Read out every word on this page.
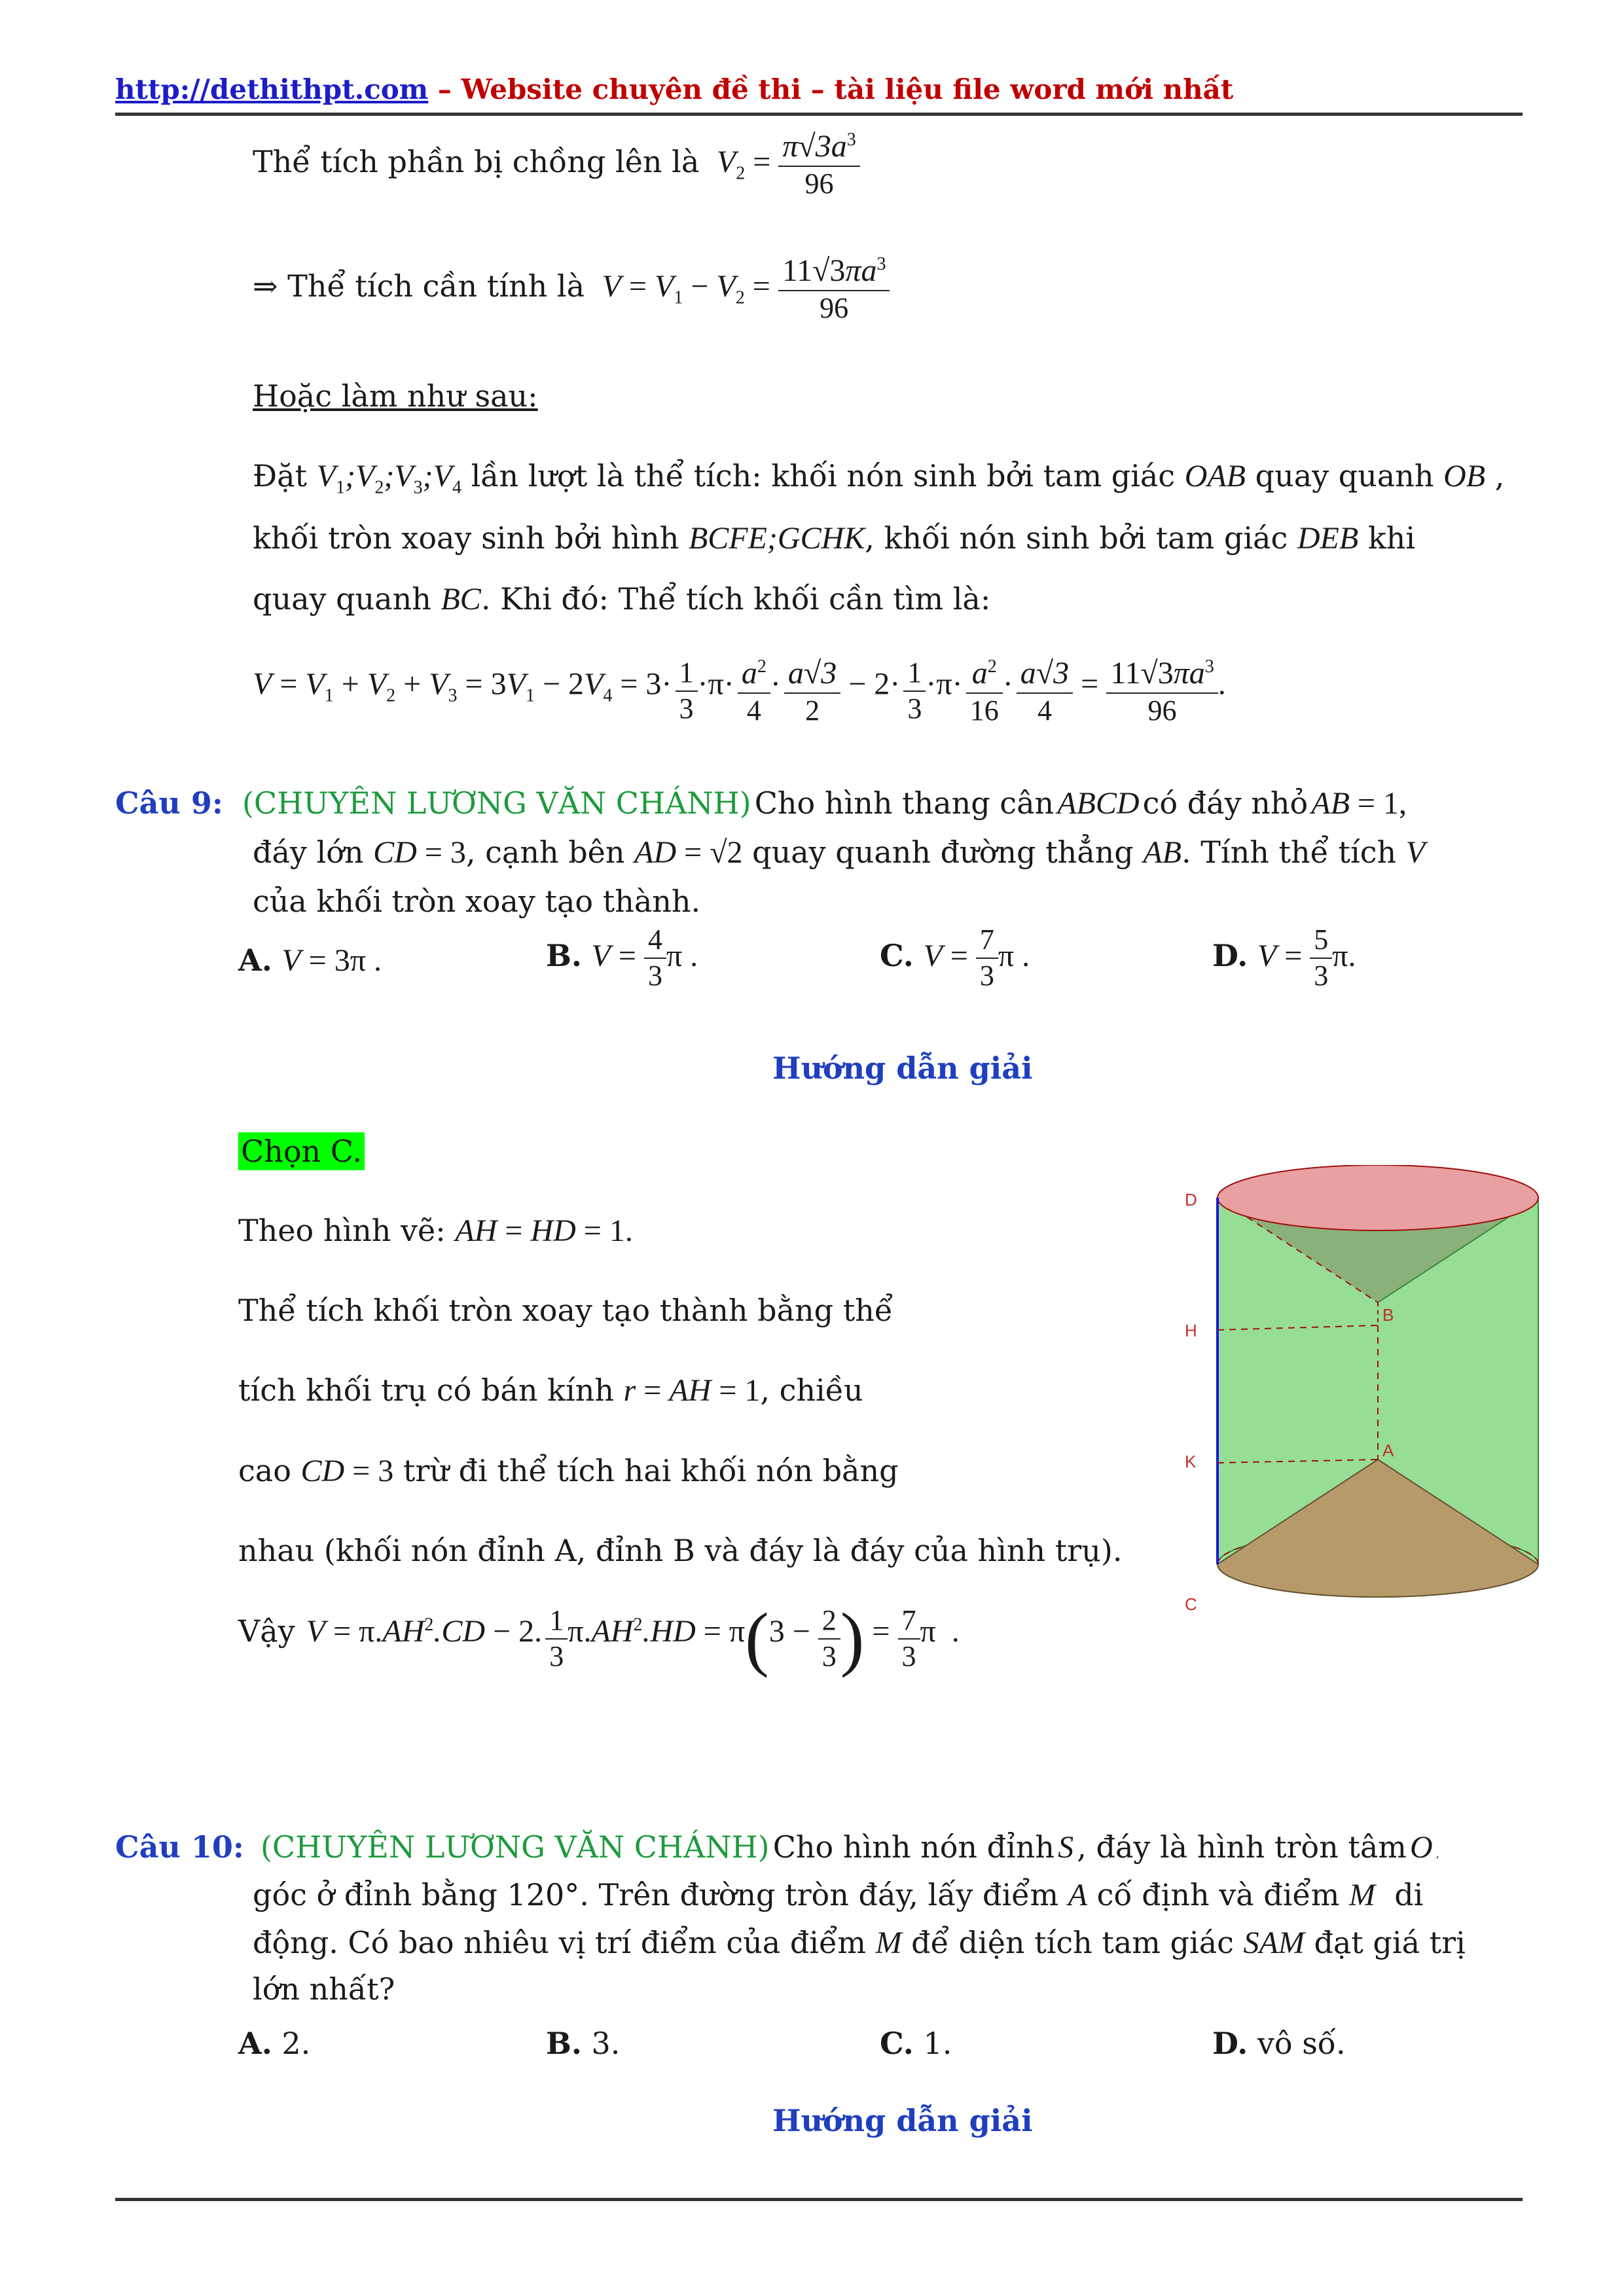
http://dethithpt.com – Website chuyên đề thi – tài liệu file word mới nhất
Thể tích phần bị chồng lên là  $V_2 = \frac{\pi√3a^3}{96}$
⇒ Thể tích cần tính là  $V = V_1 - V_2 = \frac{11√3\pi a^3}{96}$
Hoặc làm như sau:
Đặt $V_1;V_2;V_3;V_4$ lần lượt là thể tích: khối nón sinh bởi tam giác OAB quay quanh OB ,
khối tròn xoay sinh bởi hình BCFE;GCHK, khối nón sinh bởi tam giác DEB khi
quay quanh BC. Khi đó: Thể tích khối cần tìm là:
$V = V_1 + V_2 + V_3 = 3V_1 - 2V_4 = 3\cdot \frac{1}{3} \cdot\pi\cdot \frac{a^2}{4} \cdot \frac{a√3}{2} - 2\cdot \frac{1}{3} \cdot\pi\cdot \frac{a^2}{16} \cdot \frac{a√3}{4} = \frac{11√3\pi a^3}{96}$ .
Câu 9: (CHUYÊN LƯƠNG VĂN CHÁNH) Cho hình thang cân ABCD có đáy nhỏ AB = 1,
đáy lớn CD = 3, cạnh bên AD = √2 quay quanh đường thẳng AB. Tính thể tích V
của khối tròn xoay tạo thành.
A. V = 3π .	B. $V = \frac{4}{3}$ π .	C. $V = \frac{7}{3}$ π .	D. $V = \frac{5}{3} \pi$.
Hướng dẫn giải
Chọn C.
Theo hình vẽ: AH = HD = 1.
Thể tích khối tròn xoay tạo thành bằng thể
tích khối trụ có bán kính r = AH = 1, chiều
cao CD = 3 trừ đi thể tích hai khối nón bằng
nhau (khối nón đỉnh A, đỉnh B và đáy là đáy của hình trụ).
Vậy  $V = \pi.AH^2.CD - 2$. $\frac{1}{3} \pi.AH^2.HD = \pi(3 - \frac{2}{3}$ ) = $\frac{7}{3}$ π  .
D
H
B
K
A
C
Câu 10: (CHUYÊN LƯƠNG VĂN CHÁNH) Cho hình nón đỉnh S , đáy là hình tròn tâm O ,
góc ở đỉnh bằng 120°. Trên đường tròn đáy, lấy điểm A cố định và điểm M di
động. Có bao nhiêu vị trí điểm của điểm M để diện tích tam giác SAM đạt giá trị
lớn nhất?
A. 2.	B. 3.	C. 1.	D. vô số.
Hướng dẫn giải
